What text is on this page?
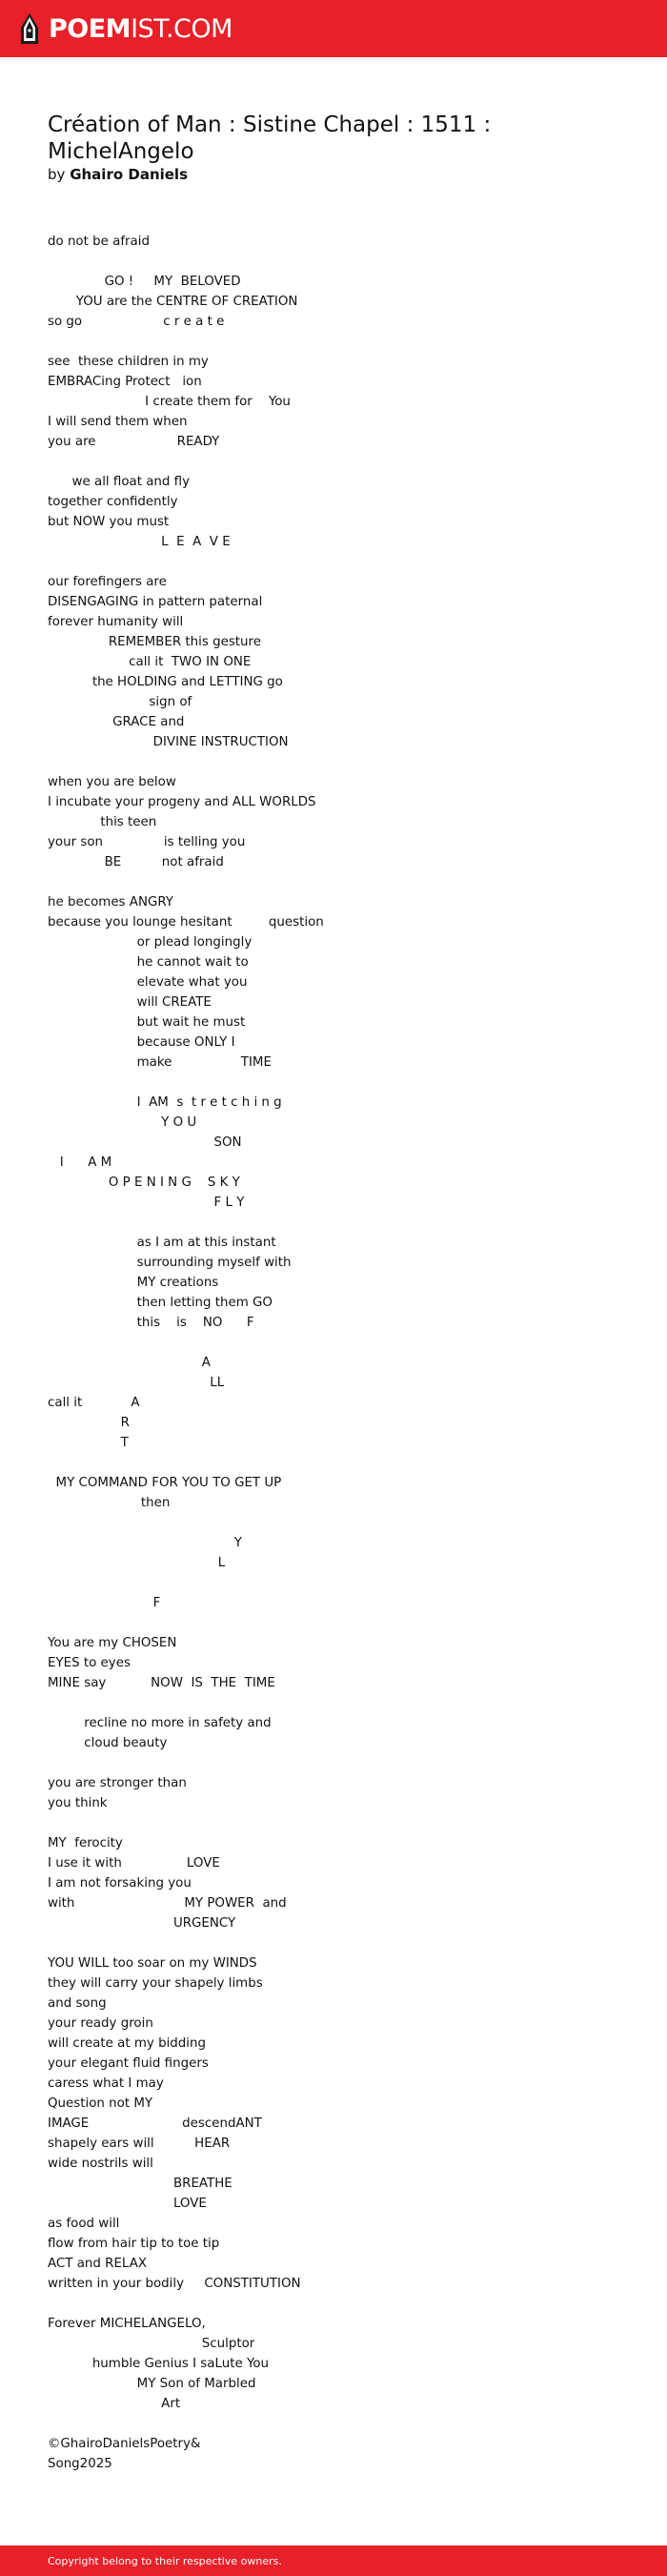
POEMIST.COM
Création of Man : Sistine Chapel : 1511 : MichelAngelo
by Ghairo Daniels
do not be afraid

GO !     MY  BELOVED
YOU are the CENTRE OF CREATION
so go                    c r e a t e

see  these children in my
EMBRACing Protect   ion
I create them for    You
I will send them when
you are                    READY

we all float and fly
together confidently
but NOW you must
L  E  A  V E

our forefingers are
DISENGAGING in pattern paternal
forever humanity will
REMEMBER this gesture
call it  TWO IN ONE
the HOLDING and LETTING go
sign of
GRACE and
DIVINE INSTRUCTION

when you are below
I incubate your progeny and ALL WORLDS
this teen
your son               is telling you
BE          not afraid

he becomes ANGRY
because you lounge hesitant         question
or plead longingly
he cannot wait to
elevate what you
will CREATE
but wait he must
because ONLY I
make                 TIME

I  AM  s  t r e t c h i n g
Y O U
SON
I      A M
O P E N I N G    S K Y
F L Y

as I am at this instant
surrounding myself with
MY creations
then letting them GO
this    is    NO      F

A
LL
call it            A
R
T

MY COMMAND FOR YOU TO GET UP
then

Y
L

F

You are my CHOSEN
EYES to eyes
MINE say           NOW  IS  THE  TIME

recline no more in safety and
cloud beauty

you are stronger than
you think

MY  ferocity
I use it with                LOVE
I am not forsaking you
with                           MY POWER  and
URGENCY

YOU WILL too soar on my WINDS
they will carry your shapely limbs
and song
your ready groin
will create at my bidding
your elegant fluid fingers
caress what I may
Question not MY
IMAGE                       descendANT
shapely ears will          HEAR
wide nostrils will
BREATHE
LOVE
as food will
flow from hair tip to toe tip
ACT and RELAX
written in your bodily     CONSTITUTION

Forever MICHELANGELO,
Sculptor
humble Genius I saLute You
MY Son of Marbled
Art

©GhairoDanielsPoetry&
Song2025
Copyright belong to their respective owners.
